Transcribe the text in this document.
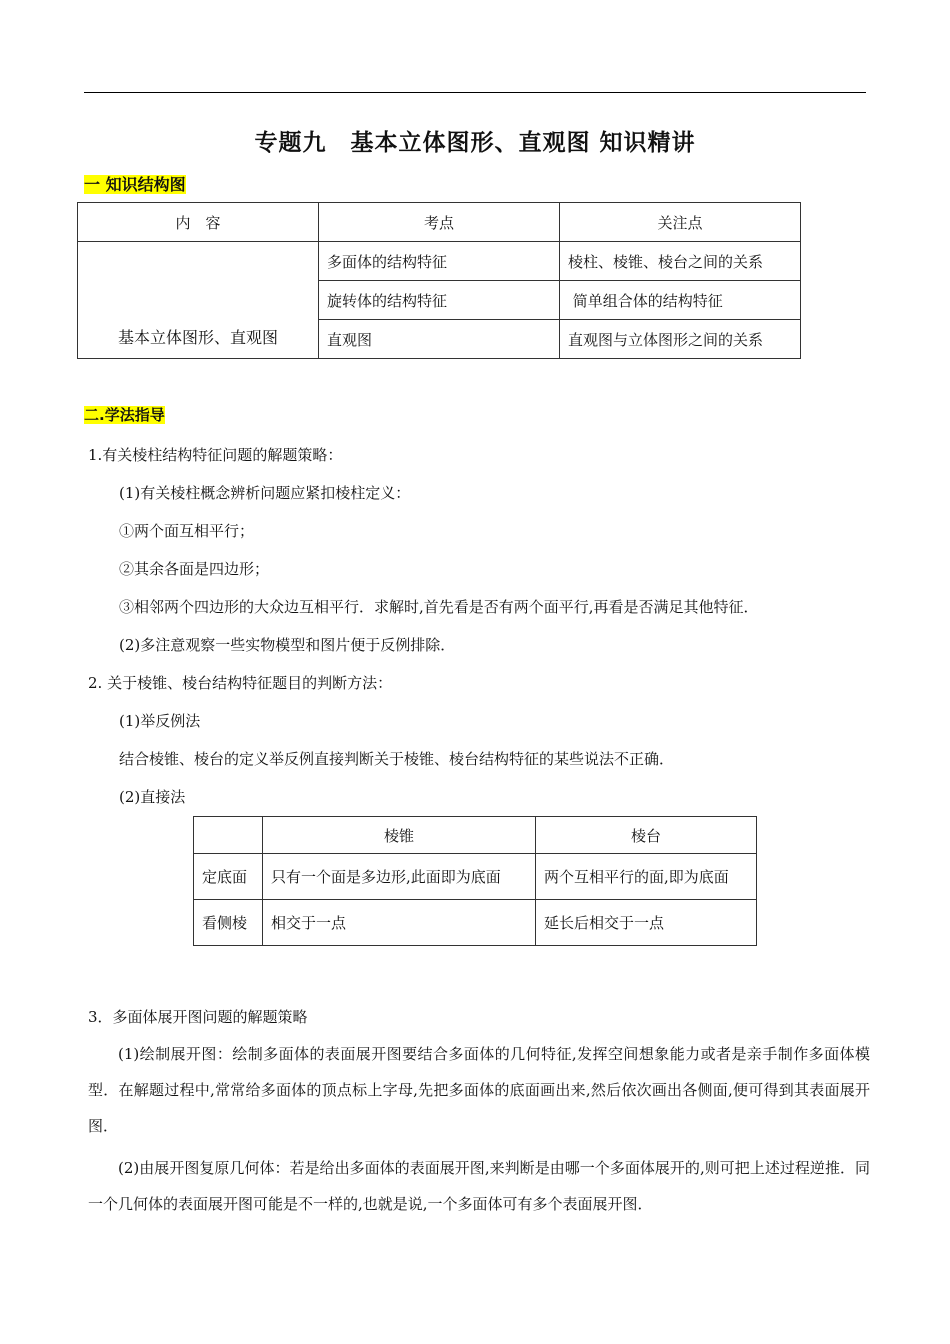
专题九　基本立体图形、直观图 知识精讲
一 知识结构图
内　容	考点	关注点
基本立体图形、直观图	多面体的结构特征	棱柱、棱锥、棱台之间的关系
	旋转体的结构特征	简单组合体的结构特征
	直观图	直观图与立体图形之间的关系
二.学法指导
1.有关棱柱结构特征问题的解题策略：
(1)有关棱柱概念辨析问题应紧扣棱柱定义：
①两个面互相平行；
②其余各面是四边形；
③相邻两个四边形的大众边互相平行．求解时,首先看是否有两个面平行,再看是否满足其他特征．
(2)多注意观察一些实物模型和图片便于反例排除．
2. 关于棱锥、棱台结构特征题目的判断方法：
(1)举反例法
结合棱锥、棱台的定义举反例直接判断关于棱锥、棱台结构特征的某些说法不正确．
(2)直接法
	棱锥	棱台
定底面	只有一个面是多边形,此面即为底面	两个互相平行的面,即为底面
看侧棱	相交于一点	延长后相交于一点
3．多面体展开图问题的解题策略
(1)绘制展开图：绘制多面体的表面展开图要结合多面体的几何特征,发挥空间想象能力或者是亲手制作多面体模型．在解题过程中,常常给多面体的顶点标上字母,先把多面体的底面画出来,然后依次画出各侧面,便可得到其表面展开图．
(2)由展开图复原几何体：若是给出多面体的表面展开图,来判断是由哪一个多面体展开的,则可把上述过程逆推．同一个几何体的表面展开图可能是不一样的,也就是说,一个多面体可有多个表面展开图．
